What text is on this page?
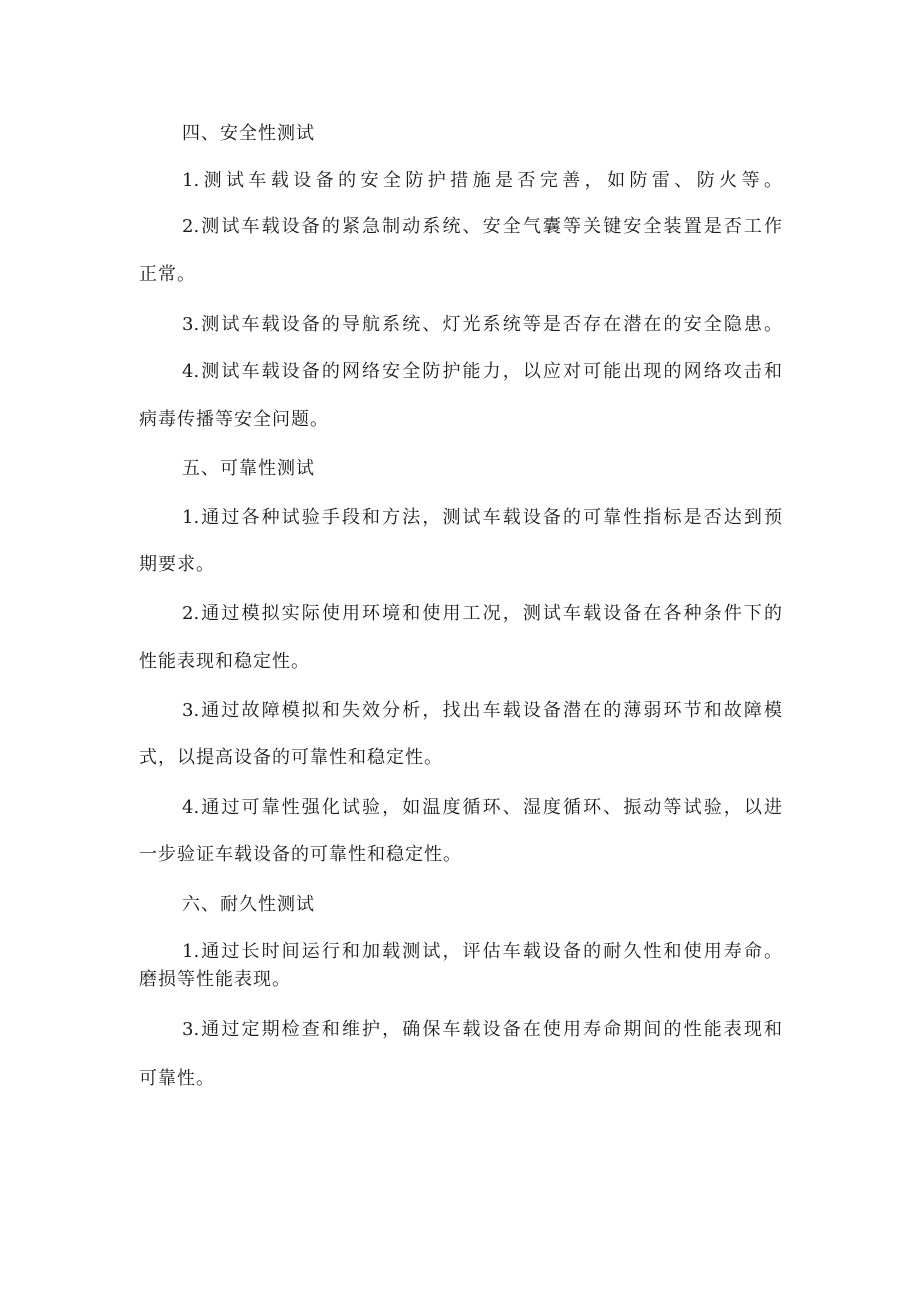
四、安全性测试
1.测试车载设备的安全防护措施是否完善，如防雷、防火等。
2.测试车载设备的紧急制动系统、安全气囊等关键安全装置是否工作
正常。
3.测试车载设备的导航系统、灯光系统等是否存在潜在的安全隐患。
4.测试车载设备的网络安全防护能力，以应对可能出现的网络攻击和
病毒传播等安全问题。
五、可靠性测试
1.通过各种试验手段和方法，测试车载设备的可靠性指标是否达到预
期要求。
2.通过模拟实际使用环境和使用工况，测试车载设备在各种条件下的
性能表现和稳定性。
3.通过故障模拟和失效分析，找出车载设备潜在的薄弱环节和故障模
式，以提高设备的可靠性和稳定性。
4.通过可靠性强化试验，如温度循环、湿度循环、振动等试验，以进
一步验证车载设备的可靠性和稳定性。
六、耐久性测试
1.通过长时间运行和加载测试，评估车载设备的耐久性和使用寿命。
磨损等性能表现。
3.通过定期检查和维护，确保车载设备在使用寿命期间的性能表现和
可靠性。
